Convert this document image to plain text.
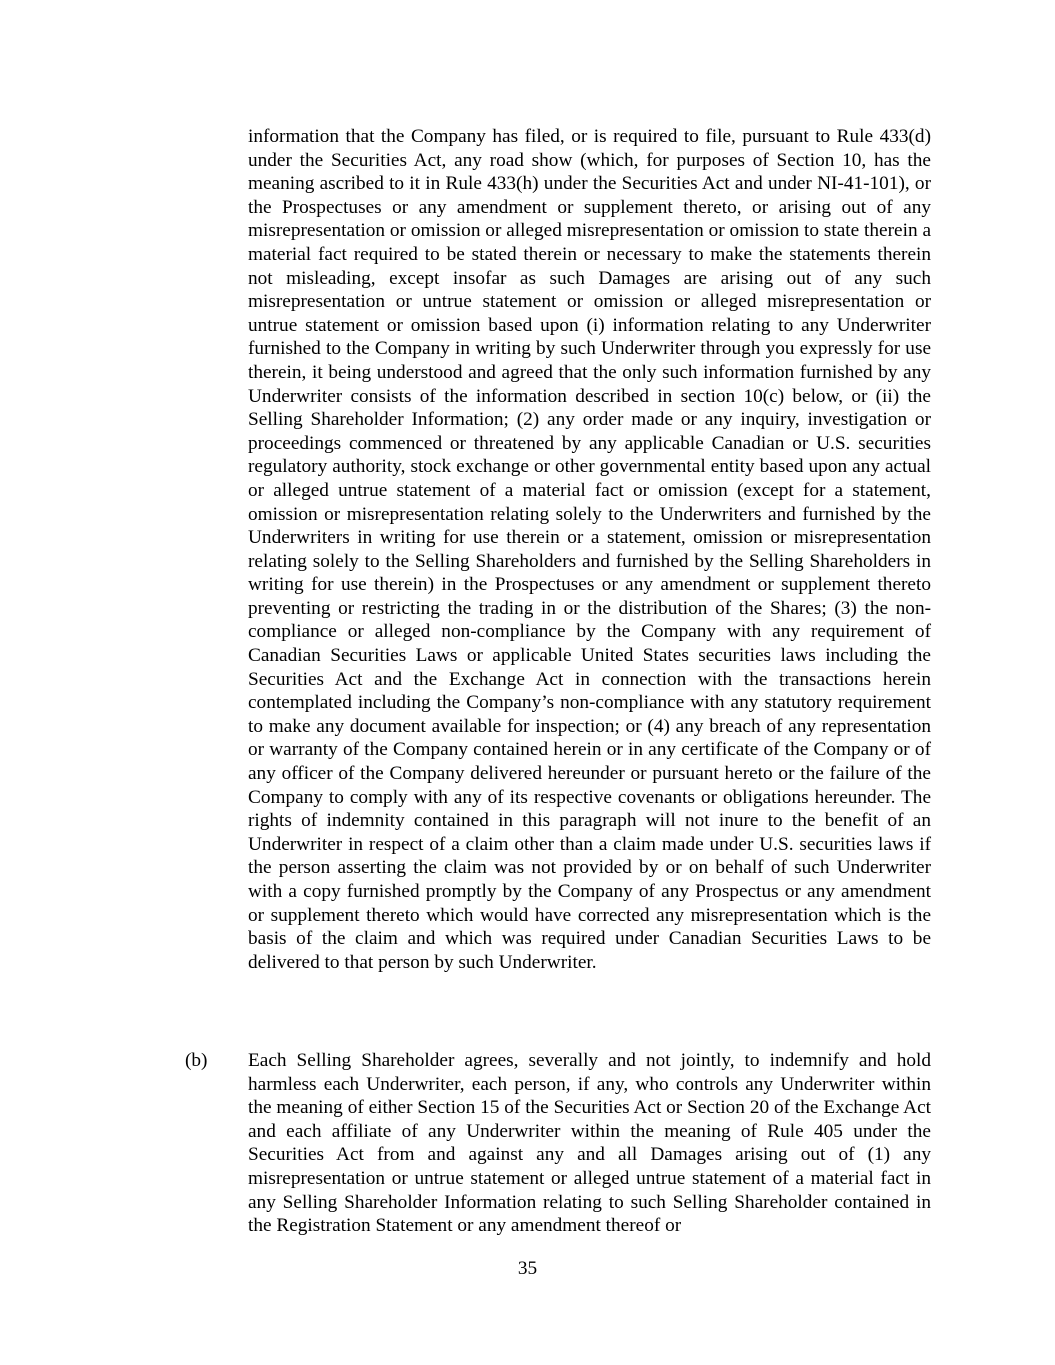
information that the Company has filed, or is required to file, pursuant to Rule 433(d) under the Securities Act, any road show (which, for purposes of Section 10, has the meaning ascribed to it in Rule 433(h) under the Securities Act and under NI-41-101), or the Prospectuses or any amendment or supplement thereto, or arising out of any misrepresentation or omission or alleged misrepresentation or omission to state therein a material fact required to be stated therein or necessary to make the statements therein not misleading, except insofar as such Damages are arising out of any such misrepresentation or untrue statement or omission or alleged misrepresentation or untrue statement or omission based upon (i) information relating to any Underwriter furnished to the Company in writing by such Underwriter through you expressly for use therein, it being understood and agreed that the only such information furnished by any Underwriter consists of the information described in section 10(c) below, or (ii) the Selling Shareholder Information; (2) any order made or any inquiry, investigation or proceedings commenced or threatened by any applicable Canadian or U.S. securities regulatory authority, stock exchange or other governmental entity based upon any actual or alleged untrue statement of a material fact or omission (except for a statement, omission or misrepresentation relating solely to the Underwriters and furnished by the Underwriters in writing for use therein or a statement, omission or misrepresentation relating solely to the Selling Shareholders and furnished by the Selling Shareholders in writing for use therein) in the Prospectuses or any amendment or supplement thereto preventing or restricting the trading in or the distribution of the Shares; (3) the non-compliance or alleged non-compliance by the Company with any requirement of Canadian Securities Laws or applicable United States securities laws including the Securities Act and the Exchange Act in connection with the transactions herein contemplated including the Company’s non-compliance with any statutory requirement to make any document available for inspection; or (4) any breach of any representation or warranty of the Company contained herein or in any certificate of the Company or of any officer of the Company delivered hereunder or pursuant hereto or the failure of the Company to comply with any of its respective covenants or obligations hereunder. The rights of indemnity contained in this paragraph will not inure to the benefit of an Underwriter in respect of a claim other than a claim made under U.S. securities laws if the person asserting the claim was not provided by or on behalf of such Underwriter with a copy furnished promptly by the Company of any Prospectus or any amendment or supplement thereto which would have corrected any misrepresentation which is the basis of the claim and which was required under Canadian Securities Laws to be delivered to that person by such Underwriter.

(b) Each Selling Shareholder agrees, severally and not jointly, to indemnify and hold harmless each Underwriter, each person, if any, who controls any Underwriter within the meaning of either Section 15 of the Securities Act or Section 20 of the Exchange Act and each affiliate of any Underwriter within the meaning of Rule 405 under the Securities Act from and against any and all Damages arising out of (1) any misrepresentation or untrue statement or alleged untrue statement of a material fact in any Selling Shareholder Information relating to such Selling Shareholder contained in the Registration Statement or any amendment thereof or

35
